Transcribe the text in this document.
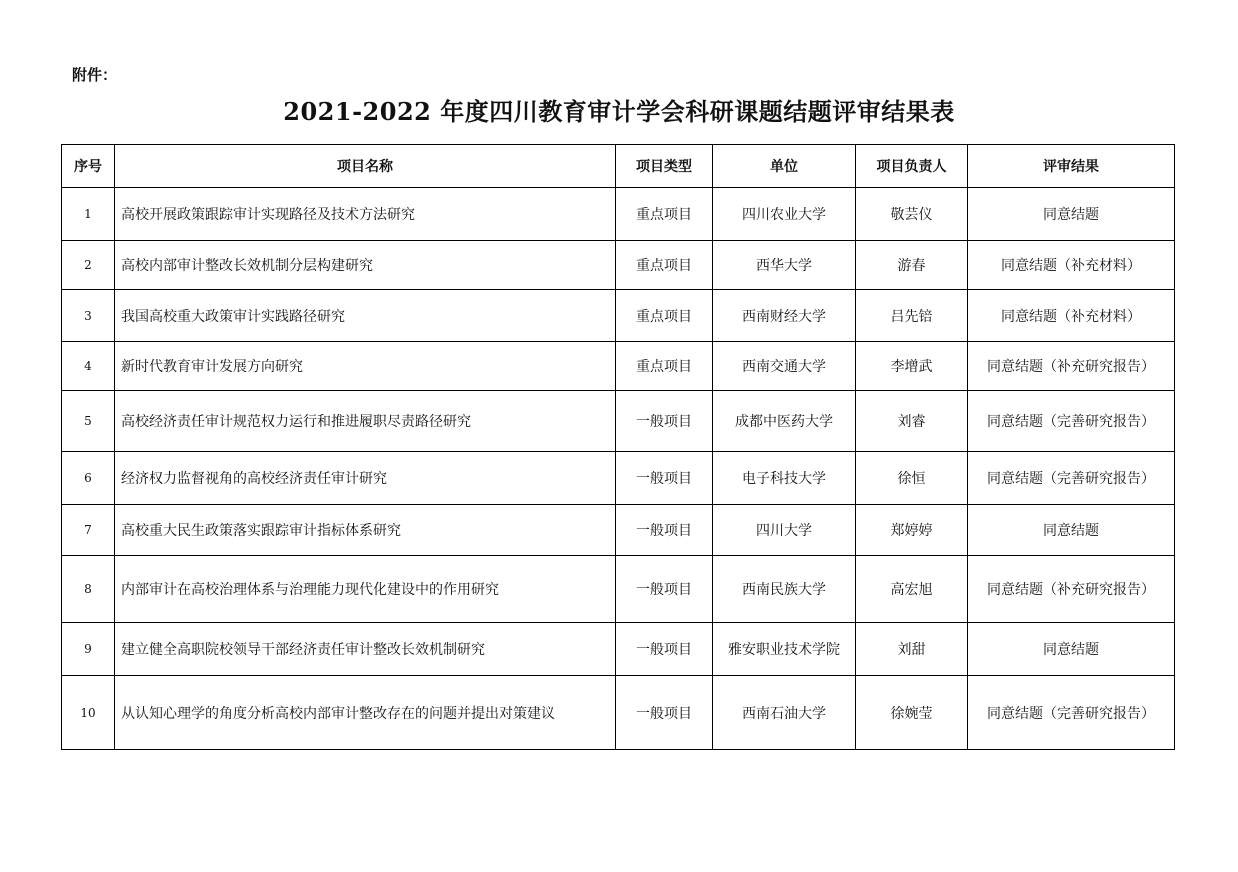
附件：
2021-2022 年度四川教育审计学会科研课题结题评审结果表
序号	项目名称	项目类型	单位	项目负责人	评审结果
1	高校开展政策跟踪审计实现路径及技术方法研究	重点项目	四川农业大学	敬芸仪	同意结题
2	高校内部审计整改长效机制分层构建研究	重点项目	西华大学	游春	同意结题（补充材料）
3	我国高校重大政策审计实践路径研究	重点项目	西南财经大学	吕先锫	同意结题（补充材料）
4	新时代教育审计发展方向研究	重点项目	西南交通大学	李增武	同意结题（补充研究报告）
5	高校经济责任审计规范权力运行和推进履职尽责路径研究	一般项目	成都中医药大学	刘睿	同意结题（完善研究报告）
6	经济权力监督视角的高校经济责任审计研究	一般项目	电子科技大学	徐恒	同意结题（完善研究报告）
7	高校重大民生政策落实跟踪审计指标体系研究	一般项目	四川大学	郑婷婷	同意结题
8	内部审计在高校治理体系与治理能力现代化建设中的作用研究	一般项目	西南民族大学	高宏旭	同意结题（补充研究报告）
9	建立健全高职院校领导干部经济责任审计整改长效机制研究	一般项目	雅安职业技术学院	刘甜	同意结题
10	从认知心理学的角度分析高校内部审计整改存在的问题并提出对策建议	一般项目	西南石油大学	徐婉莹	同意结题（完善研究报告）
